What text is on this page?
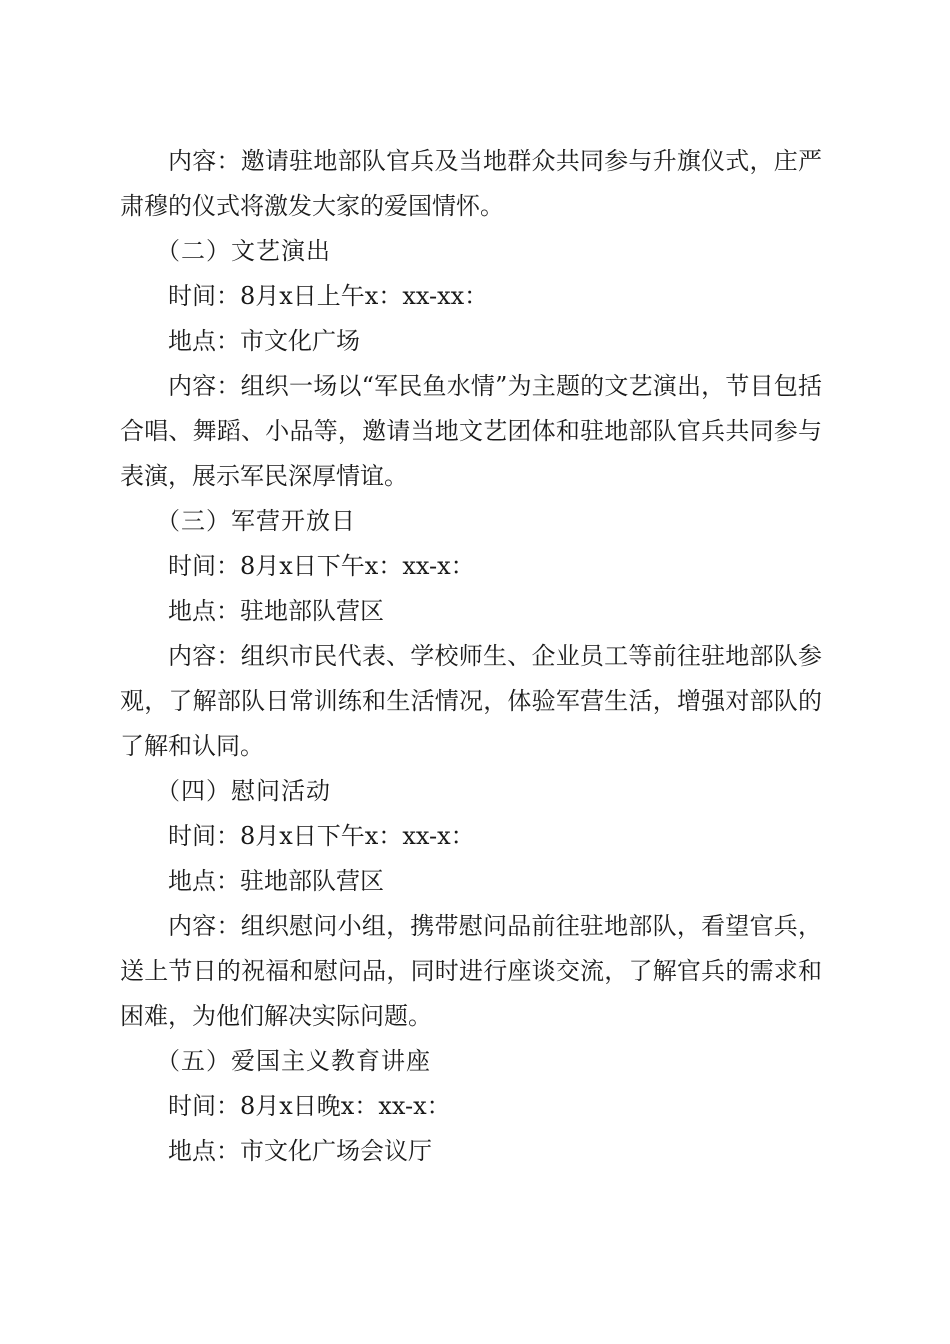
内容：邀请驻地部队官兵及当地群众共同参与升旗仪式，庄严肃穆的仪式将激发大家的爱国情怀。

（二）文艺演出

时间：8月x日上午x：xx-xx：

地点：市文化广场

内容：组织一场以“军民鱼水情”为主题的文艺演出，节目包括合唱、舞蹈、小品等，邀请当地文艺团体和驻地部队官兵共同参与表演，展示军民深厚情谊。

（三）军营开放日

时间：8月x日下午x：xx-x：

地点：驻地部队营区

内容：组织市民代表、学校师生、企业员工等前往驻地部队参观，了解部队日常训练和生活情况，体验军营生活，增强对部队的了解和认同。

（四）慰问活动

时间：8月x日下午x：xx-x：

地点：驻地部队营区

内容：组织慰问小组，携带慰问品前往驻地部队，看望官兵，送上节日的祝福和慰问品，同时进行座谈交流，了解官兵的需求和困难，为他们解决实际问题。

（五）爱国主义教育讲座

时间：8月x日晚x：xx-x：

地点：市文化广场会议厅
